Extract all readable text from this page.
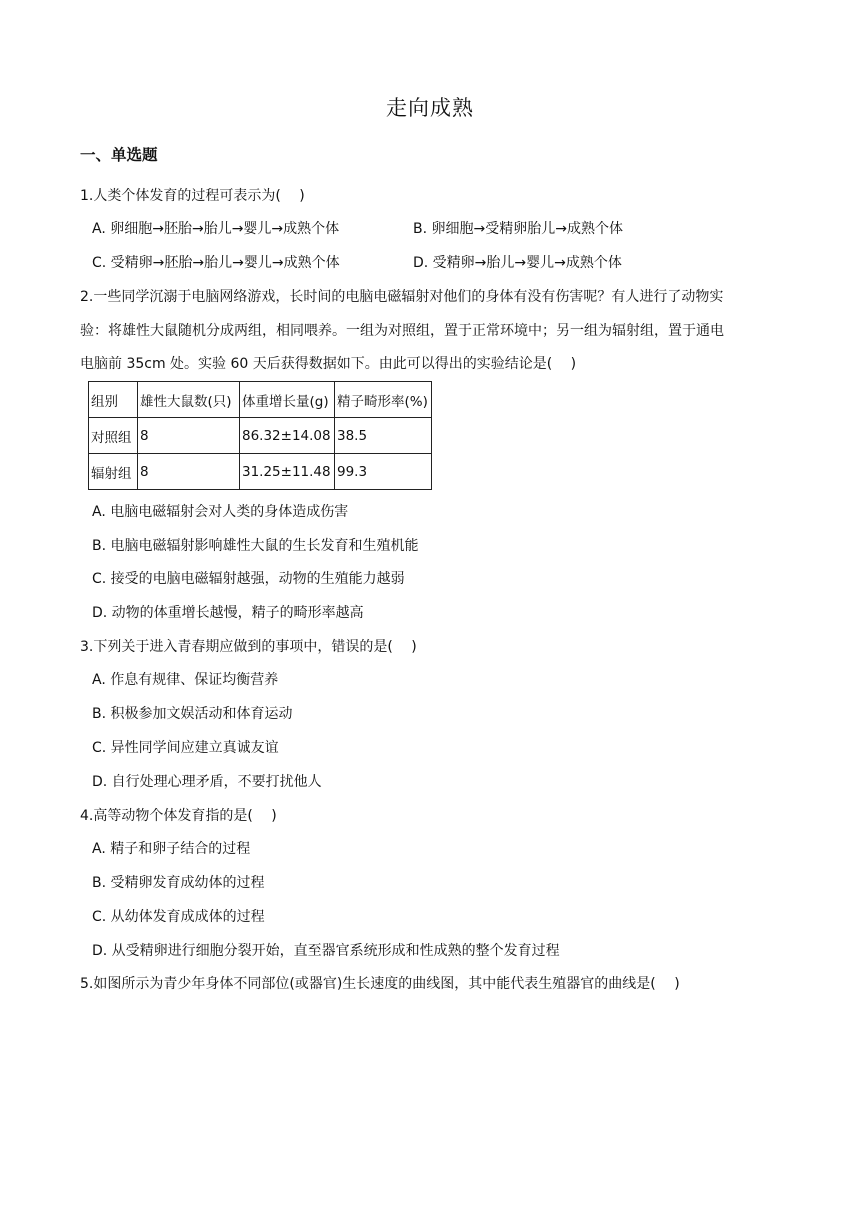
走向成熟
一、单选题
1.人类个体发育的过程可表示为(　 )
A. 卵细胞→胚胎→胎儿→婴儿→成熟个体	B. 卵细胞→受精卵胎儿→成熟个体
C. 受精卵→胚胎→胎儿→婴儿→成熟个体	D. 受精卵→胎儿→婴儿→成熟个体
2.一些同学沉溺于电脑网络游戏，长时间的电脑电磁辐射对他们的身体有没有伤害呢？有人进行了动物实
验：将雄性大鼠随机分成两组，相同喂养。一组为对照组，置于正常环境中；另一组为辐射组，置于通电
电脑前 35cm 处。实验 60 天后获得数据如下。由此可以得出的实验结论是(　 )
组别	雄性大鼠数(只)	体重增长量(g)	精子畸形率(%)
对照组	8	86.32±14.08	38.5
辐射组	8	31.25±11.48	99.3
A. 电脑电磁辐射会对人类的身体造成伤害
B. 电脑电磁辐射影响雄性大鼠的生长发育和生殖机能
C. 接受的电脑电磁辐射越强，动物的生殖能力越弱
D. 动物的体重增长越慢，精子的畸形率越高
3.下列关于进入青春期应做到的事项中，错误的是(　 )
A. 作息有规律、保证均衡营养
B. 积极参加文娱活动和体育运动
C. 异性同学间应建立真诚友谊
D. 自行处理心理矛盾，不要打扰他人
4.高等动物个体发育指的是(　 )
A. 精子和卵子结合的过程
B. 受精卵发育成幼体的过程
C. 从幼体发育成成体的过程
D. 从受精卵进行细胞分裂开始，直至器官系统形成和性成熟的整个发育过程
5.如图所示为青少年身体不同部位(或器官)生长速度的曲线图，其中能代表生殖器官的曲线是(　 )
